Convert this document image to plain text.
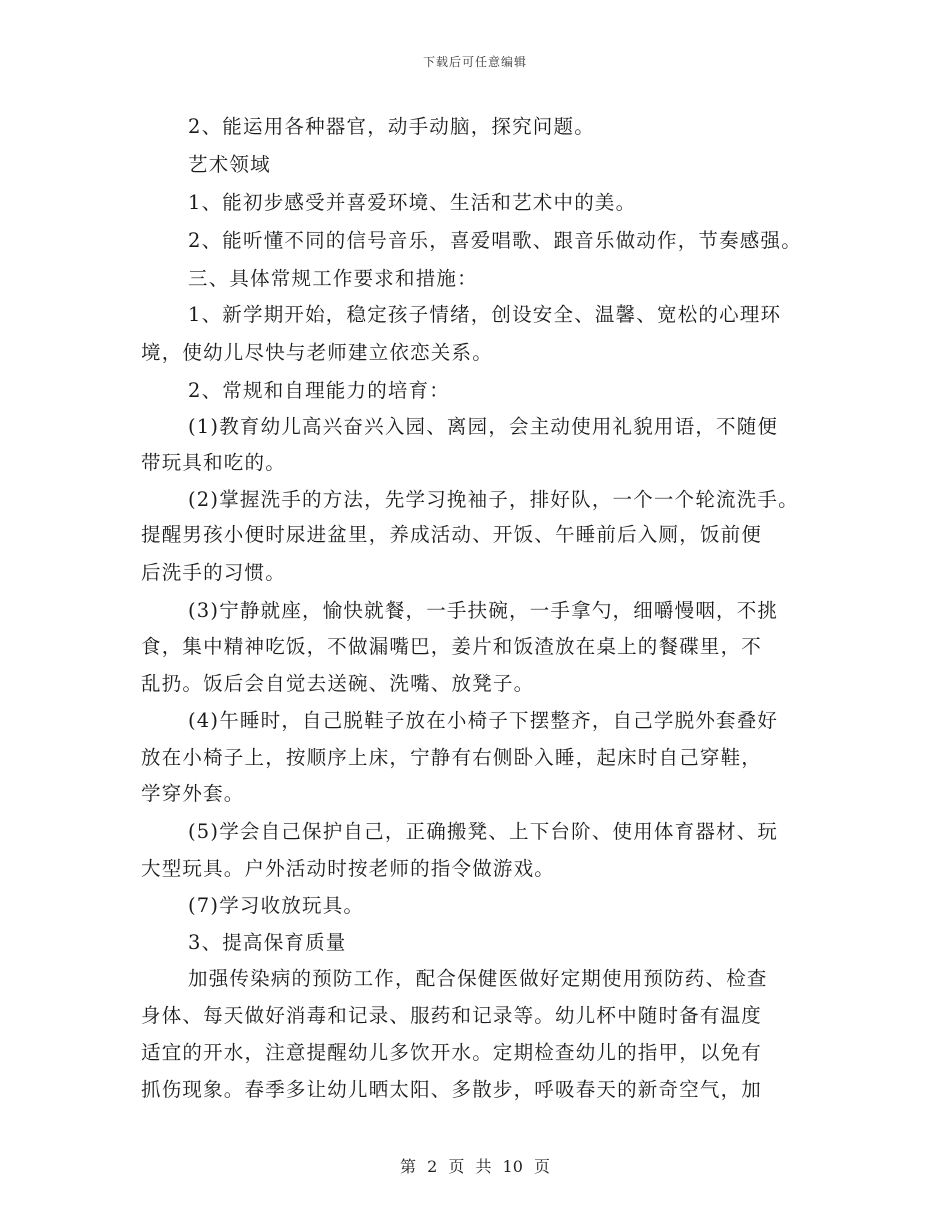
下载后可任意编辑
2、能运用各种器官，动手动脑，探究问题。
艺术领域
1、能初步感受并喜爱环境、生活和艺术中的美。
2、能听懂不同的信号音乐，喜爱唱歌、跟音乐做动作，节奏感强。
三、具体常规工作要求和措施：
1、新学期开始，稳定孩子情绪，创设安全、温馨、宽松的心理环
境，使幼儿尽快与老师建立依恋关系。
2、常规和自理能力的培育：
(1)教育幼儿高兴奋兴入园、离园，会主动使用礼貌用语，不随便
带玩具和吃的。
(2)掌握洗手的方法，先学习挽袖子，排好队，一个一个轮流洗手。
提醒男孩小便时尿进盆里，养成活动、开饭、午睡前后入厕，饭前便
后洗手的习惯。
(3)宁静就座，愉快就餐，一手扶碗，一手拿勺，细嚼慢咽，不挑
食，集中精神吃饭，不做漏嘴巴，姜片和饭渣放在桌上的餐碟里，不
乱扔。饭后会自觉去送碗、洗嘴、放凳子。
(4)午睡时，自己脱鞋子放在小椅子下摆整齐，自己学脱外套叠好
放在小椅子上，按顺序上床，宁静有右侧卧入睡，起床时自己穿鞋，
学穿外套。
(5)学会自己保护自己，正确搬凳、上下台阶、使用体育器材、玩
大型玩具。户外活动时按老师的指令做游戏。
(7)学习收放玩具。
3、提高保育质量
加强传染病的预防工作，配合保健医做好定期使用预防药、检查
身体、每天做好消毒和记录、服药和记录等。幼儿杯中随时备有温度
适宜的开水，注意提醒幼儿多饮开水。定期检查幼儿的指甲，以免有
抓伤现象。春季多让幼儿晒太阳、多散步，呼吸春天的新奇空气，加
第 2 页 共 10 页
